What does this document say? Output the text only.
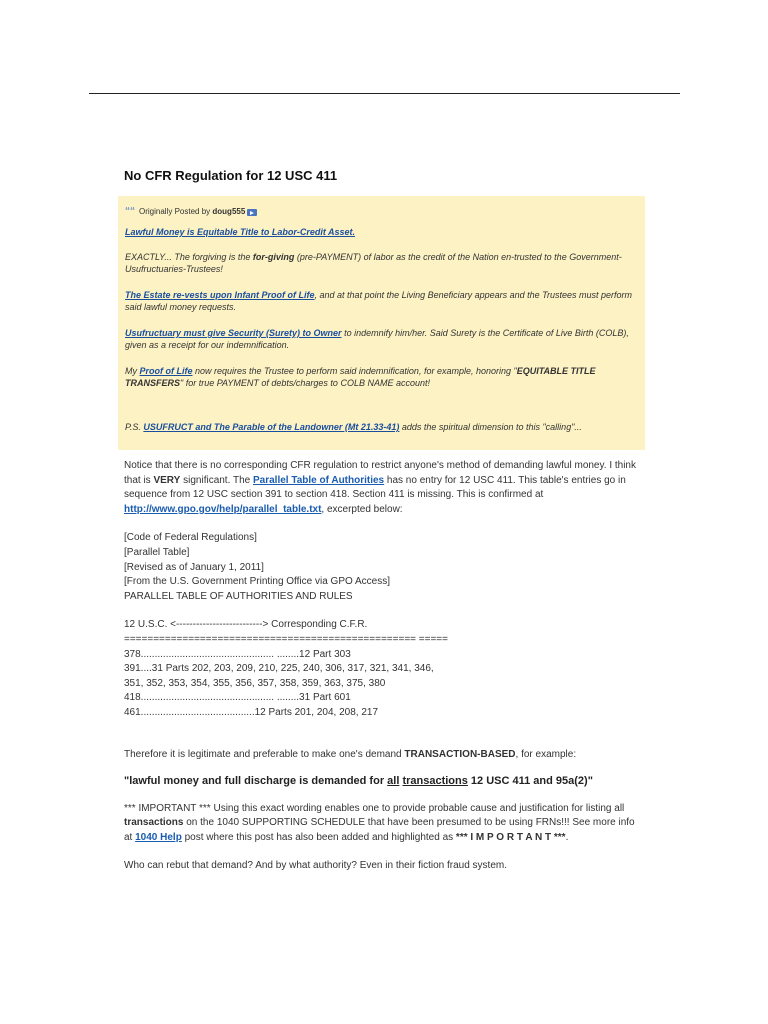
No CFR Regulation for 12 USC 411

““ Originally Posted by
doug555

Lawful Money is Equitable Title to Labor-Credit Asset.

EXACTLY... The forgiving is the for-giving (pre-PAYMENT) of labor as the credit of the Nation en-trusted to the Government-Usufructuaries-Trustees!

The Estate re-vests upon Infant Proof of Life, and at that point the Living Beneficiary appears and the Trustees must perform said lawful money requests.

Usufructuary must give Security (Surety) to Owner to indemnify him/her. Said Surety is the Certificate of Live Birth (COLB), given as a receipt for our indemnification.

My Proof of Life now requires the Trustee to perform said indemnification, for example, honoring "EQUITABLE TITLE TRANSFERS" for true PAYMENT of debts/charges to COLB NAME account!

P.S. USUFRUCT and The Parable of the Landowner (Mt 21.33-41) adds the spiritual dimension to this "calling"...

Notice that there is no corresponding CFR regulation to restrict anyone's method of demanding lawful money. I think that is VERY significant. The Parallel Table of Authorities has no entry for 12 USC 411. This table's entries go in sequence from 12 USC section 391 to section 418. Section 411 is missing. This is confirmed at http://www.gpo.gov/help/parallel_table.txt, excerpted below:

[Code of Federal Regulations]

[Parallel Table]

[Revised as of January 1, 2011]

[From the U.S. Government Printing Office via GPO Access]

PARALLEL TABLE OF AUTHORITIES AND RULES

12 U.S.C. <--------------------------> Corresponding C.F.R.

================================================== =====

378................................................ ........12 Part 303

391....31 Parts 202, 203, 209, 210, 225, 240, 306, 317, 321, 341, 346,

351, 352, 353, 354, 355, 356, 357, 358, 359, 363, 375, 380

418................................................ ........31 Part 601

461.........................................12 Parts 201, 204, 208, 217

Therefore it is legitimate and preferable to make one's demand TRANSACTION-BASED, for example:

"lawful money and full discharge is demanded for all transactions 12 USC 411 and 95a(2)"

*** IMPORTANT *** Using this exact wording enables one to provide probable cause and justification for listing all transactions on the 1040 SUPPORTING SCHEDULE that have been presumed to be using FRNs!!! See more info at 1040 Help post where this post has also been added and highlighted as *** I M P O R T A N T ***.

Who can rebut that demand? And by what authority? Even in their fiction fraud system.
